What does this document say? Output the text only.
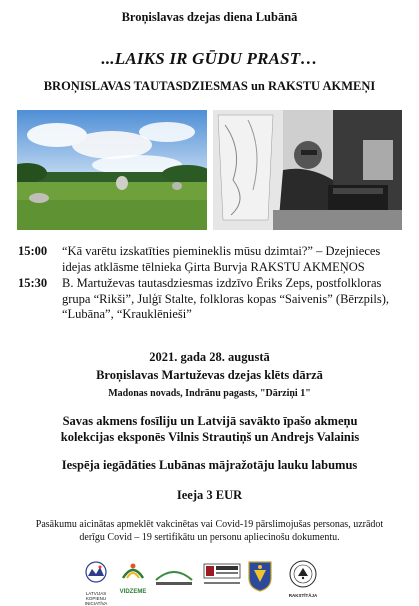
Broņislavas dzejas diena Lubānā
...LAIKS IR GŪDU PRAST…
BROŅISLAVAS TAUTASDZIESMAS un RAKSTU AKMEŅI
15:00 “Kā varētu izskatīties piemineklis mūsu dzimtai?” – Dzejnieces idejas atklāsme tēlnieka Ģirta Burvja RAKSTU AKMEŅOS
15:30 B. Martuževas tautasdziesmas izdzīvo Ēriks Zeps, postfolkloras grupa “Rikši”, Julģī Stalte, folkloras kopas “Saivenis” (Bērzpils), “Lubāna”, “Krauklēnieši”
2021. gada 28. augustā
Broņislavas Martuževas dzejas klēts dārzā
Madonas novads, Indrānu pagasts, "Dārziņi 1"
Savas akmens fosīliju un Latvijā savākto īpašo akmeņu kolekcijas eksponēs Vilnis Strautiņš un Andrejs Valainis
Iespēja iegādāties Lubānas mājražotāju lauku labumus
Ieeja 3 EUR
Pasākumu aicinātas apmeklēt vakcinētas vai Covid-19 pārslimojušas personas, uzrādot derīgu Covid – 19 sertifikātu un personu apliecinošu dokumentu.
LATVIJAS KOPIENU INICIATĪVA
VIDZEME
RAKSTĪTĀJA
